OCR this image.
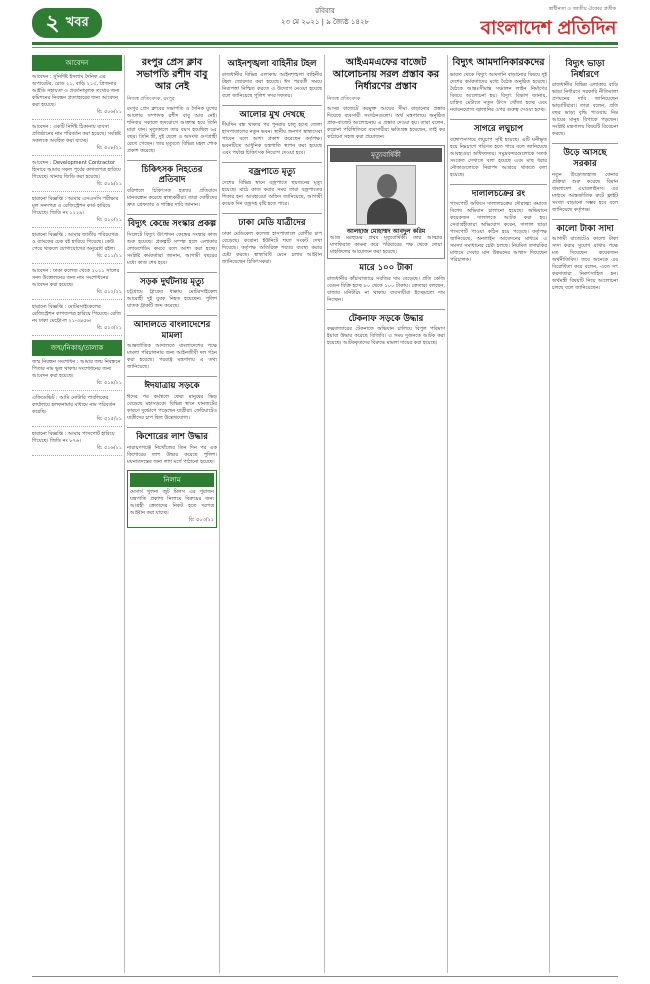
২ খবর
রবিবার
২৩ মে ২০২১ | ৯ জ্যৈষ্ঠ ১৪২৮
স্বাধীনতা ও জাতীয় ঐক্যের প্রতীক
বাংলাদেশ প্রতিদিন
আবেদন
আবেদন : সুনির্দিষ্ট ইসলাম দৈনিক এর অপারেটর, রোড ২১, বাড়ি ২১৩, প্রিজনার আইডি সহায়তা ও প্রবর্তনামূলক তথ্যের জন্য কমিশনের নিবন্ধন প্রত্যাহারের জন্য আবেদন করা হয়েছে।
বি: ৫০৬/২১
আবেদন : একটি নির্দিষ্ট ঠিকানায় ব্যবসা প্রতিষ্ঠানের নাম পরিবর্তন করা হয়েছে। সংশ্লিষ্ট সকলকে অবহিত করা যাচ্ছে।
বি: ৫০৮/২১
আবেদন : Development Contractor হিসাবে আমার সকল পূর্বের কাগজপত্র হারিয়ে গিয়েছে। থানায় জিডি করা হয়েছে।
বি: ৫০৯/২১
হারানো বিজ্ঞপ্তি : আমার এসএসসি পরীক্ষার মূল সনদপত্র ও রেজিস্ট্রেশন কার্ড হারিয়ে গিয়েছে। জিডি নং ১২২৯।
বি: ৫১০/২১
হারানো বিজ্ঞপ্তি : আমার জাতীয় পরিচয়পত্র ও ব্যাংকের চেক বই হারিয়ে গিয়েছে। কেউ পেয়ে থাকলে যোগাযোগের অনুরোধ রইল।
বি: ৫১১/২১
আবেদন : ঢাকা কলেজ থেকে ২০১১ সালের সনদ উত্তোলনের জন্য নাম সংশোধনের আবেদন করা হয়েছে।
বি: ৫১২/২১
হারানো বিজ্ঞপ্তি : মোটরসাইকেলের রেজিস্ট্রেশন কাগজপত্র হারিয়ে গিয়েছে। রেজি নং ঢাকা মেট্রো-ল ২১-৩৪৫৬।
বি: ৫১৩/২১
জন্ম/নিকাহ/তালাক
জন্ম নিবন্ধন সংশোধন : আমার জন্ম নিবন্ধনে পিতার নাম ভুল থাকায় সংশোধনের জন্য আবেদন করা হয়েছে।
বি: ৫১৪/২১
এফিডেভিট : আমি নোটারি পাবলিকের কার্যালয়ে হলফনামার মাধ্যমে নাম পরিবর্তন করেছি।
বি: ৫১৫/২১
হারানো বিজ্ঞপ্তি : আমার পাসপোর্ট হারিয়ে গিয়েছে। জিডি নং ৮৭৬।
বি: ৫১৬/২১
রংপুর প্রেস ক্লাব সভাপতি রশীদ বাবু আর নেই
নিজস্ব প্রতিবেদক, রংপুর
রংপুর প্রেস ক্লাবের সভাপতি ও দৈনিক যুগের আলোর সম্পাদক রশীদ বাবু আর নেই। শনিবার সকালে হৃদরোগে আক্রান্ত হয়ে তিনি মারা যান। মৃত্যুকালে তার বয়স হয়েছিল ৬৫ বছর। তিনি স্ত্রী, দুই ছেলে ও অসংখ্য গুণগ্রাহী রেখে গেছেন। তার মৃত্যুতে বিভিন্ন মহল শোক প্রকাশ করেছে।
চিকিৎসক নিহতের প্রতিবাদ
বরিশালে চিকিৎসক হত্যার প্রতিবাদে মানববন্ধন করেছে স্বাস্থ্যকর্মীরা। তারা দোষীদের দ্রুত গ্রেফতার ও শাস্তির দাবি জানান।
বিদ্যুৎ কেন্দ্রে সংস্কার প্রকল্প
সিলেটে বিদ্যুৎ উৎপাদন কেন্দ্রের সংস্কার কাজ শুরু হয়েছে। প্রকল্পটি সম্পন্ন হলে এলাকার লোডশেডিং কমবে বলে আশা করা হচ্ছে। সংশ্লিষ্ট কর্মকর্তারা জানান, আগামী বছরের মধ্যে কাজ শেষ হবে।
সড়ক দুর্ঘটনায় মৃত্যু
চট্টগ্রামে ট্রাকের ধাক্কায় মোটরসাইকেল আরোহী দুই যুবক নিহত হয়েছেন। পুলিশ ঘাতক ট্রাকটি জব্দ করেছে।
আদালতে বাংলাদেশের মামলা
আন্তর্জাতিক আদালতে বাংলাদেশের পক্ষে মামলা পরিচালনার জন্য আইনজীবী দল গঠন করা হয়েছে। পররাষ্ট্র মন্ত্রণালয় এ তথ্য জানিয়েছে।
ঈদযাত্রায় সড়কে
ঈদের পর কর্মস্থলে ফেরা মানুষের ভিড় বেড়েছে মহাসড়কে। বিভিন্ন স্থানে যানজটের কারণে দুর্ভোগে পড়েছেন যাত্রীরা। ফেরিঘাটেও যাত্রীদের চাপ ছিল উল্লেখযোগ্য।
কিশোরের লাশ উদ্ধার
নারায়ণগঞ্জে নিখোঁজের তিন দিন পর এক কিশোরের লাশ উদ্ধার করেছে পুলিশ। ময়নাতদন্তের জন্য লাশ মর্গে পাঠানো হয়েছে।
নিলাম
মেসার্স খুলনা জুট মিলস এর পুরাতন যন্ত্রপাতি প্রকাশ্য নিলামে বিক্রয়ের জন্য আগ্রহী ক্রেতাদের নিকট হতে দরপত্র আহ্বান করা যাচ্ছে।
বি: ৫০৩/২১
আইনশৃঙ্খলা বাহিনীর টহল
রাজধানীর বিভিন্ন এলাকায় আইনশৃঙ্খলা বাহিনীর টহল জোরদার করা হয়েছে। ঈদ পরবর্তী সময়ে নিরাপত্তা নিশ্চিত করতে এ উদ্যোগ নেওয়া হয়েছে বলে জানিয়েছে পুলিশ সদর দফতর।
আলোর মুখ দেখছে
দীর্ঘদিন বন্ধ থাকার পর পুনরায় চালু হচ্ছে জেলা হাসপাতালের নতুন ভবন। স্থানীয় জনগণ স্বাস্থ্যসেবা পাবেন বলে আশা প্রকাশ করেছেন কর্তৃপক্ষ। ভবনটিতে আধুনিক যন্ত্রপাতি স্থাপন করা হয়েছে এবং পর্যাপ্ত চিকিৎসক নিয়োগ দেওয়া হবে।
বজ্রপাতে মৃত্যু
দেশের বিভিন্ন স্থানে বজ্রপাতে ছয়জনের মৃত্যু হয়েছে। মাঠে কাজ করার সময় তারা বজ্রপাতের শিকার হন। আবহাওয়া অফিস জানিয়েছে, আগামী কয়েক দিন বজ্রসহ বৃষ্টি হতে পারে।
ঢাকা মেডি যাত্রীদের
ঢাকা মেডিকেল কলেজ হাসপাতালে রোগীর চাপ বেড়েছে। করোনা ইউনিটে শয্যা সংকট দেখা দিয়েছে। কর্তৃপক্ষ অতিরিক্ত শয্যার ব্যবস্থা করার চেষ্টা করছে। স্বাস্থ্যবিধি মেনে চলার আহ্বান জানিয়েছেন চিকিৎসকরা।
আইএমএফের বাজেট আলোচনায় সরল প্রস্তাব কর নির্ধারণের প্রস্তাব
নিজস্ব প্রতিবেদক
আসন্ন বাজেটে করমুক্ত আয়ের সীমা বাড়ানোর প্রস্তাব দিয়েছে ব্যবসায়ী সংগঠনগুলো। অর্থ মন্ত্রণালয়ে অনুষ্ঠিত প্রাক-বাজেট আলোচনায় এ প্রস্তাব দেওয়া হয়। তারা বলেন, করোনা পরিস্থিতিতে ব্যবসায়ীরা ক্ষতিগ্রস্ত হয়েছেন, তাই কর কাঠামো সহজ করা প্রয়োজন।
মৃত্যুবার্ষিকী
আলহাজ মোহাম্মদ আবদুল করিম
আজ মরহুমের প্রথম মৃত্যুবার্ষিকী। তার আত্মার মাগফিরাত কামনা করে পরিবারের পক্ষ থেকে দোয়া মাহফিলের আয়োজন করা হয়েছে।
মারে ১০০ টাকা
রাজধানীর কাঁচাবাজারে সবজির দাম বেড়েছে। প্রতি কেজি বেগুন বিক্রি হচ্ছে ৮০ থেকে ১০০ টাকায়। ক্রেতারা বলছেন, বাজার মনিটরিং না থাকায় ব্যবসায়ীরা ইচ্ছেমতো দাম নিচ্ছেন।
টেকনাফ সড়কে উদ্ধার
কক্সবাজারের টেকনাফে অভিযান চালিয়ে বিপুল পরিমাণ ইয়াবা উদ্ধার করেছে বিজিবি। এ সময় দুজনকে আটক করা হয়েছে। আটককৃতদের বিরুদ্ধে মামলা দায়ের করা হয়েছে।
বিদ্যুৎ আমদানিকারকদের
ভারত থেকে বিদ্যুৎ আমদানি বাড়ানোর বিষয়ে দুই দেশের কর্মকর্তাদের মধ্যে বৈঠক অনুষ্ঠিত হয়েছে। বৈঠকে আন্তঃসীমান্ত সঞ্চালন লাইন নির্মাণের বিষয়ে আলোচনা হয়। বিদ্যুৎ বিভাগ জানায়, চাহিদা মেটাতে নতুন উৎস খোঁজা হচ্ছে এবং নবায়নযোগ্য জ্বালানির ওপর গুরুত্ব দেওয়া হচ্ছে।
সাগরে লঘুচাপ
বঙ্গোপসাগরে লঘুচাপ সৃষ্টি হয়েছে। এটি ঘনীভূত হয়ে নিম্নচাপে পরিণত হতে পারে বলে জানিয়েছে আবহাওয়া অধিদফতর। সমুদ্রবন্দরগুলোকে সতর্ক সংকেত দেখাতে বলা হয়েছে এবং মাছ ধরার নৌকাগুলোকে নিরাপদ আশ্রয়ে থাকতে বলা হয়েছে।
দালালচক্রের রং
পাসপোর্ট অফিসে দালালচক্রের দৌরাত্ম্য কমাতে বিশেষ অভিযান চালানো হয়েছে। অভিযানে কয়েকজন দালালকে আটক করা হয়। সেবাগ্রহীতারা অভিযোগ করেন, দালাল ছাড়া পাসপোর্ট পাওয়া কঠিন হয়ে পড়েছে। কর্তৃপক্ষ জানিয়েছে, অনলাইন আবেদনের মাধ্যমে এ সমস্যা সমাধানের চেষ্টা চলছে। নিয়মিত তদারকির মাধ্যমে সেবার মান উন্নয়নের আশ্বাস দিয়েছেন পরিচালক।
বিদ্যুৎ ভাড়া নির্ধারণে
রাজধানীর বিভিন্ন এলাকায় বাড়ি ভাড়া নির্ধারণে সরকারি নীতিমালা প্রণয়নের দাবি জানিয়েছেন ভাড়াটিয়ারা। তারা বলেন, প্রতি বছর ভাড়া বৃদ্ধি পাওয়ায় নিম্ন আয়ের মানুষ বিপাকে পড়ছেন। সংশ্লিষ্ট মন্ত্রণালয় বিষয়টি বিবেচনা করছে।
উড়ে আসছে সরকার
নতুন উড়োজাহাজ কেনার প্রক্রিয়া শুরু করেছে বিমান বাংলাদেশ এয়ারলাইনস। এর মাধ্যমে আন্তর্জাতিক রুটে ফ্লাইট সংখ্যা বাড়ানো সম্ভব হবে বলে জানিয়েছে কর্তৃপক্ষ।
কালো টাকা সাদা
আগামী বাজেটেও কালো টাকা সাদা করার সুযোগ রাখার পক্ষে মত দিয়েছেন কয়েকজন অর্থনীতিবিদ। তবে অনেকে এর বিরোধিতা করে বলেন, এতে সৎ করদাতারা নিরুৎসাহিত হন। অর্থমন্ত্রী বিষয়টি নিয়ে আলোচনা চলছে বলে জানিয়েছেন।
